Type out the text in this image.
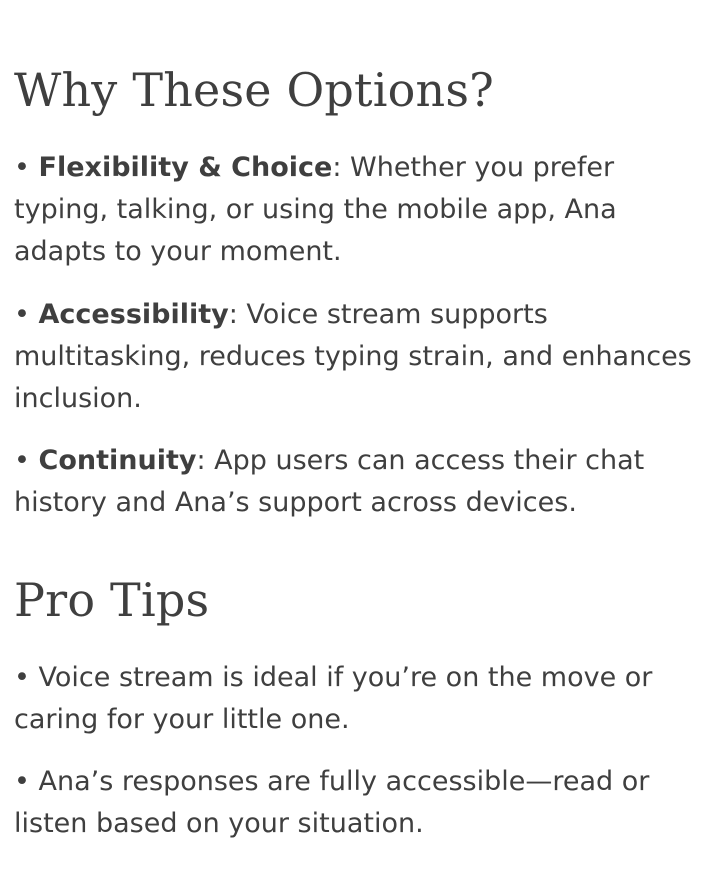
Why These Options?

• Flexibility & Choice: Whether you prefer typing, talking, or using the mobile app, Ana adapts to your moment.

• Accessibility: Voice stream supports multitasking, reduces typing strain, and enhances inclusion.

• Continuity: App users can access their chat history and Ana’s support across devices.

Pro Tips

• Voice stream is ideal if you’re on the move or caring for your little one.

• Ana’s responses are fully accessible—read or listen based on your situation.
